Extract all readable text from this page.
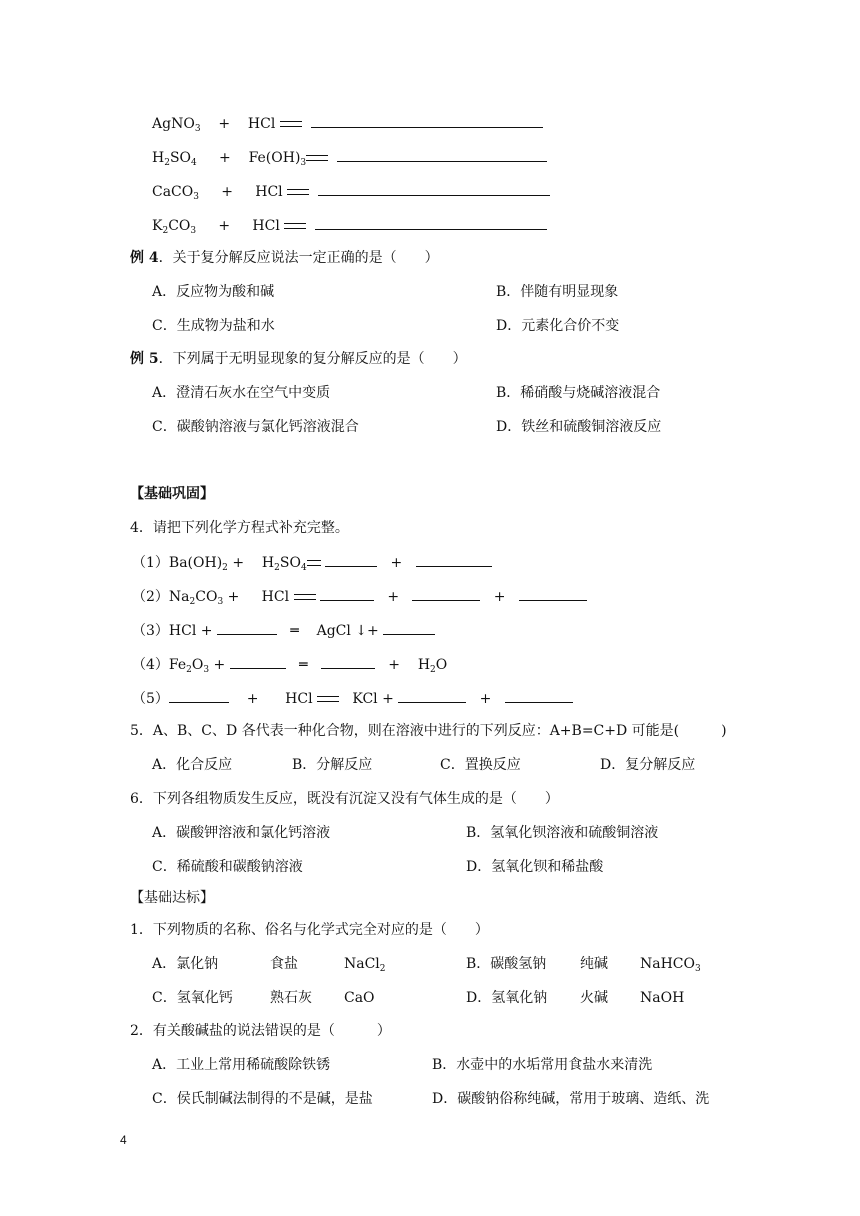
AgNO$_3$ + HCl
$H_2SO_4 + Fe(OH)_3$
CaCO$_3$ + HCl
$K_2CO_3$ + HCl
例 4．关于复分解反应说法一定正确的是（　　）
A．反应物为酸和碱	B．伴随有明显现象
C．生成物为盐和水	D．元素化合价不变
例 5．下列属于无明显现象的复分解反应的是（　　）
A．澄清石灰水在空气中变质	B．稀硝酸与烧碱溶液混合
C．碳酸钠溶液与氯化钙溶液混合	D．铁丝和硫酸铜溶液反应
【基础巩固】
4．请把下列化学方程式补充完整。
$(1)Ba(OH)_2$ +    $H_2SO_4$	+
$(2)Na_2CO_3$ +     HCl	+	+
（3）HCl +	═ AgCl ↓+
$(4)Fe_2O_3$ +	═	+ $H_2O$
（5）	+ HCl	KCl +	+
5．A、B、C、D 各代表一种化合物，则在溶液中进行的下列反应：A+B=C+D 可能是(　　　)
A．化合反应	B．分解反应	C．置换反应	D．复分解反应
6．下列各组物质发生反应，既没有沉淀又没有气体生成的是（　　）
A．碳酸钾溶液和氯化钙溶液	B．氢氧化钡溶液和硫酸铜溶液
C．稀硫酸和碳酸钠溶液	D．氢氧化钡和稀盐酸
【基础达标】
1．下列物质的名称、俗名与化学式完全对应的是（　　）
A．氯化钠	食盐	NaCl$_2$	B．碳酸氢钠 纯碱 NaHCO$_3$
C．氢氧化钙	熟石灰 CaO	D．氢氧化钠 火碱 NaOH
2．有关酸碱盐的说法错误的是（　　　）
A．工业上常用稀硫酸除铁锈	B．水壶中的水垢常用食盐水来清洗
C．侯氏制碱法制得的不是碱，是盐	D．碳酸钠俗称纯碱，常用于玻璃、造纸、洗
4
